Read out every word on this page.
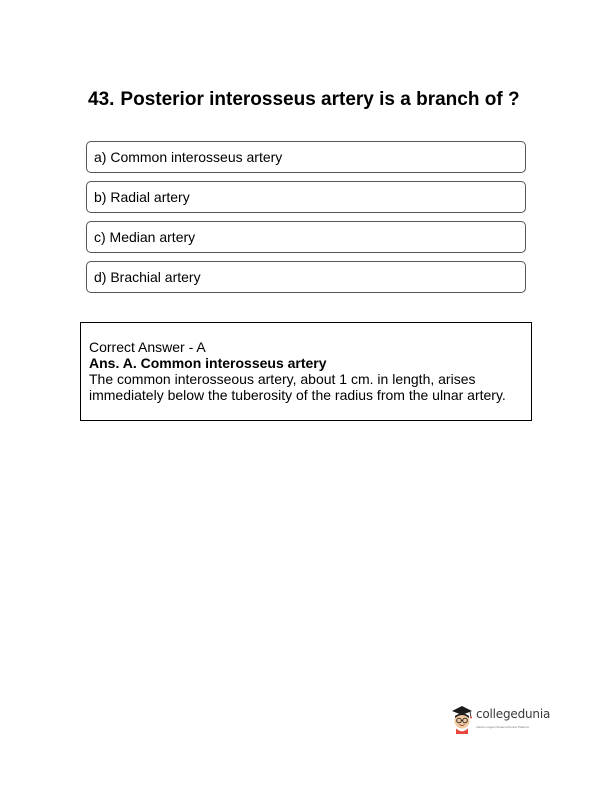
43. Posterior interosseus artery is a branch of ?
a) Common interosseus artery
b) Radial artery
c) Median artery
d) Brachial artery
Correct Answer - A
Ans. A. Common interosseus artery
The common interosseous artery, about 1 cm. in length, arises immediately below the tuberosity of the radius from the ulnar artery.
collegedunia
India's Largest Student Review Platform
